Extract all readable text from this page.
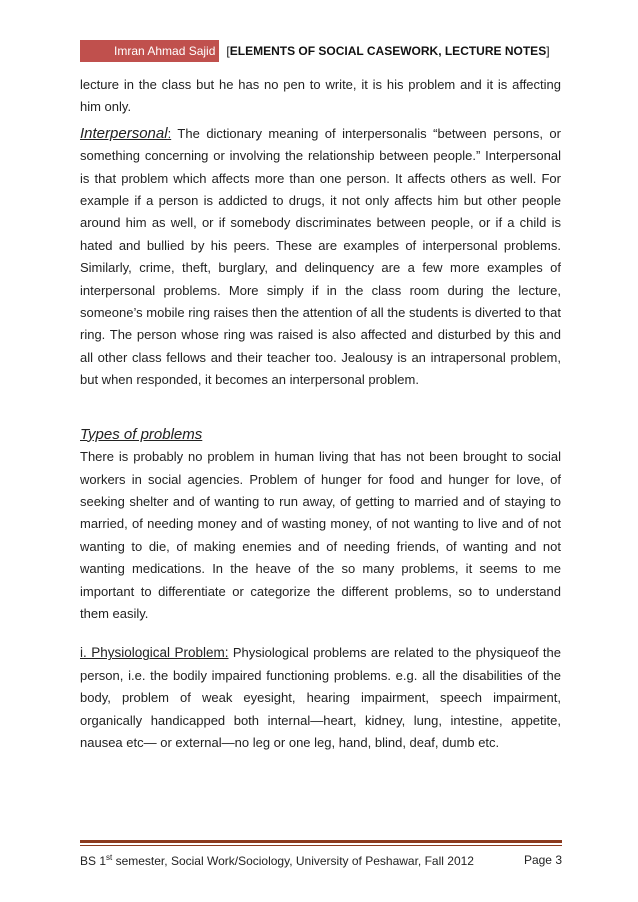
Imran Ahmad Sajid [ELEMENTS OF SOCIAL CASEWORK, LECTURE NOTES]

lecture in the class but he has no pen to write, it is his problem and it is affecting him only.

Interpersonal: The dictionary meaning of interpersonalis “between persons, or something concerning or involving the relationship between people.” Interpersonal is that problem which affects more than one person. It affects others as well. For example if a person is addicted to drugs, it not only affects him but other people around him as well, or if somebody discriminates between people, or if a child is hated and bullied by his peers. These are examples of interpersonal problems. Similarly, crime, theft, burglary, and delinquency are a few more examples of interpersonal problems. More simply if in the class room during the lecture, someone’s mobile ring raises then the attention of all the students is diverted to that ring. The person whose ring was raised is also affected and disturbed by this and all other class fellows and their teacher too. Jealousy is an intrapersonal problem, but when responded, it becomes an interpersonal problem.

Types of problems

There is probably no problem in human living that has not been brought to social workers in social agencies. Problem of hunger for food and hunger for love, of seeking shelter and of wanting to run away, of getting to married and of staying to married, of needing money and of wasting money, of not wanting to live and of not wanting to die, of making enemies and of needing friends, of wanting and not wanting medications. In the heave of the so many problems, it seems to me important to differentiate or categorize the different problems, so to understand them easily.

i. Physiological Problem: Physiological problems are related to the physiqueof the person, i.e. the bodily impaired functioning problems. e.g. all the disabilities of the body, problem of weak eyesight, hearing impairment, speech impairment, organically handicapped both internal—heart, kidney, lung, intestine, appetite, nausea etc— or external—no leg or one leg, hand, blind, deaf, dumb etc.

BS 1st semester, Social Work/Sociology, University of Peshawar, Fall 2012	Page 3
